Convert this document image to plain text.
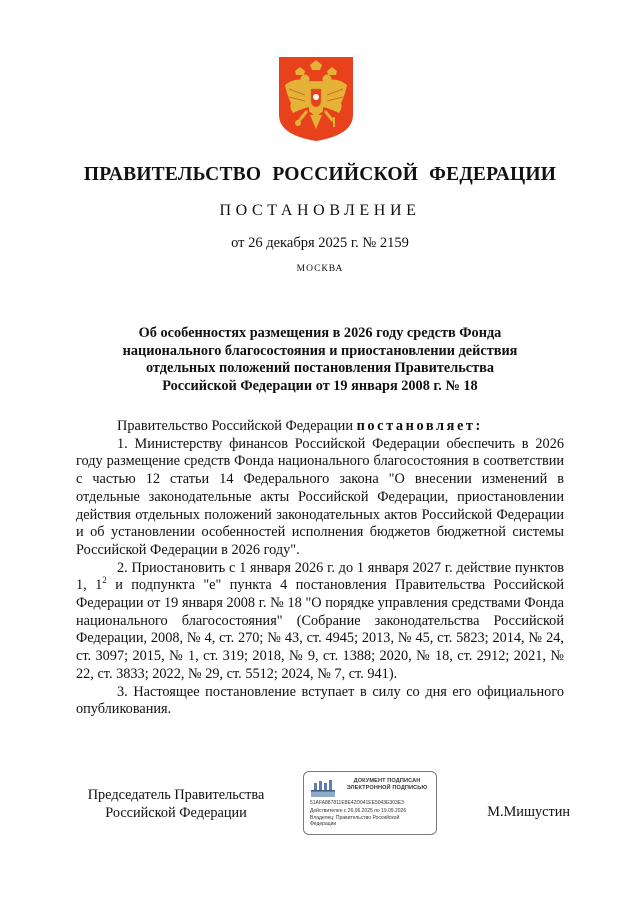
ПРАВИТЕЛЬСТВО РОССИЙСКОЙ ФЕДЕРАЦИИ
ПОСТАНОВЛЕНИЕ
от 26 декабря 2025 г. № 2159
МОСКВА
Об особенностях размещения в 2026 году средств Фонда
национального благосостояния и приостановлении действия
отдельных положений постановления Правительства
Российской Федерации от 19 января 2008 г. № 18

Правительство Российской Федерации постановляет:

1. Министерству финансов Российской Федерации обеспечить в 2026 году размещение средств Фонда национального благосостояния в соответствии с частью 12 статьи 14 Федерального закона "О внесении изменений в отдельные законодательные акты Российской Федерации, приостановлении действия отдельных положений законодательных актов Российской Федерации и об установлении особенностей исполнения бюджетов бюджетной системы Российской Федерации в 2026 году".

2. Приостановить с 1 января 2026 г. до 1 января 2027 г. действие пунктов 1, $1^2$ и подпункта "е" пункта 4 постановления Правительства Российской Федерации от 19 января 2008 г. № 18 "О порядке управления средствами Фонда национального благосостояния" (Собрание законодательства Российской Федерации, 2008, № 4, ст. 270; № 43, ст. 4945; 2013, № 45, ст. 5823; 2014, № 24, ст. 3097; 2015, № 1, ст. 319; 2018, № 9, ст. 1388; 2020, № 18, ст. 2912; 2021, № 22, ст. 3833; 2022, № 29, ст. 5512; 2024, № 7, ст. 941).

3. Настоящее постановление вступает в силу со дня его официального опубликования.

Председатель Правительства
Российской Федерации
ДОКУМЕНТ ПОДПИСАН
ЭЛЕКТРОННОЙ ПОДПИСЬЮ
51AFA887811E8E42D041EE5043E303E3
Действителен с 26.06.2025 по 19.09.2026
Владелец: Правительство Российской
Федерации
М.Мишустин
